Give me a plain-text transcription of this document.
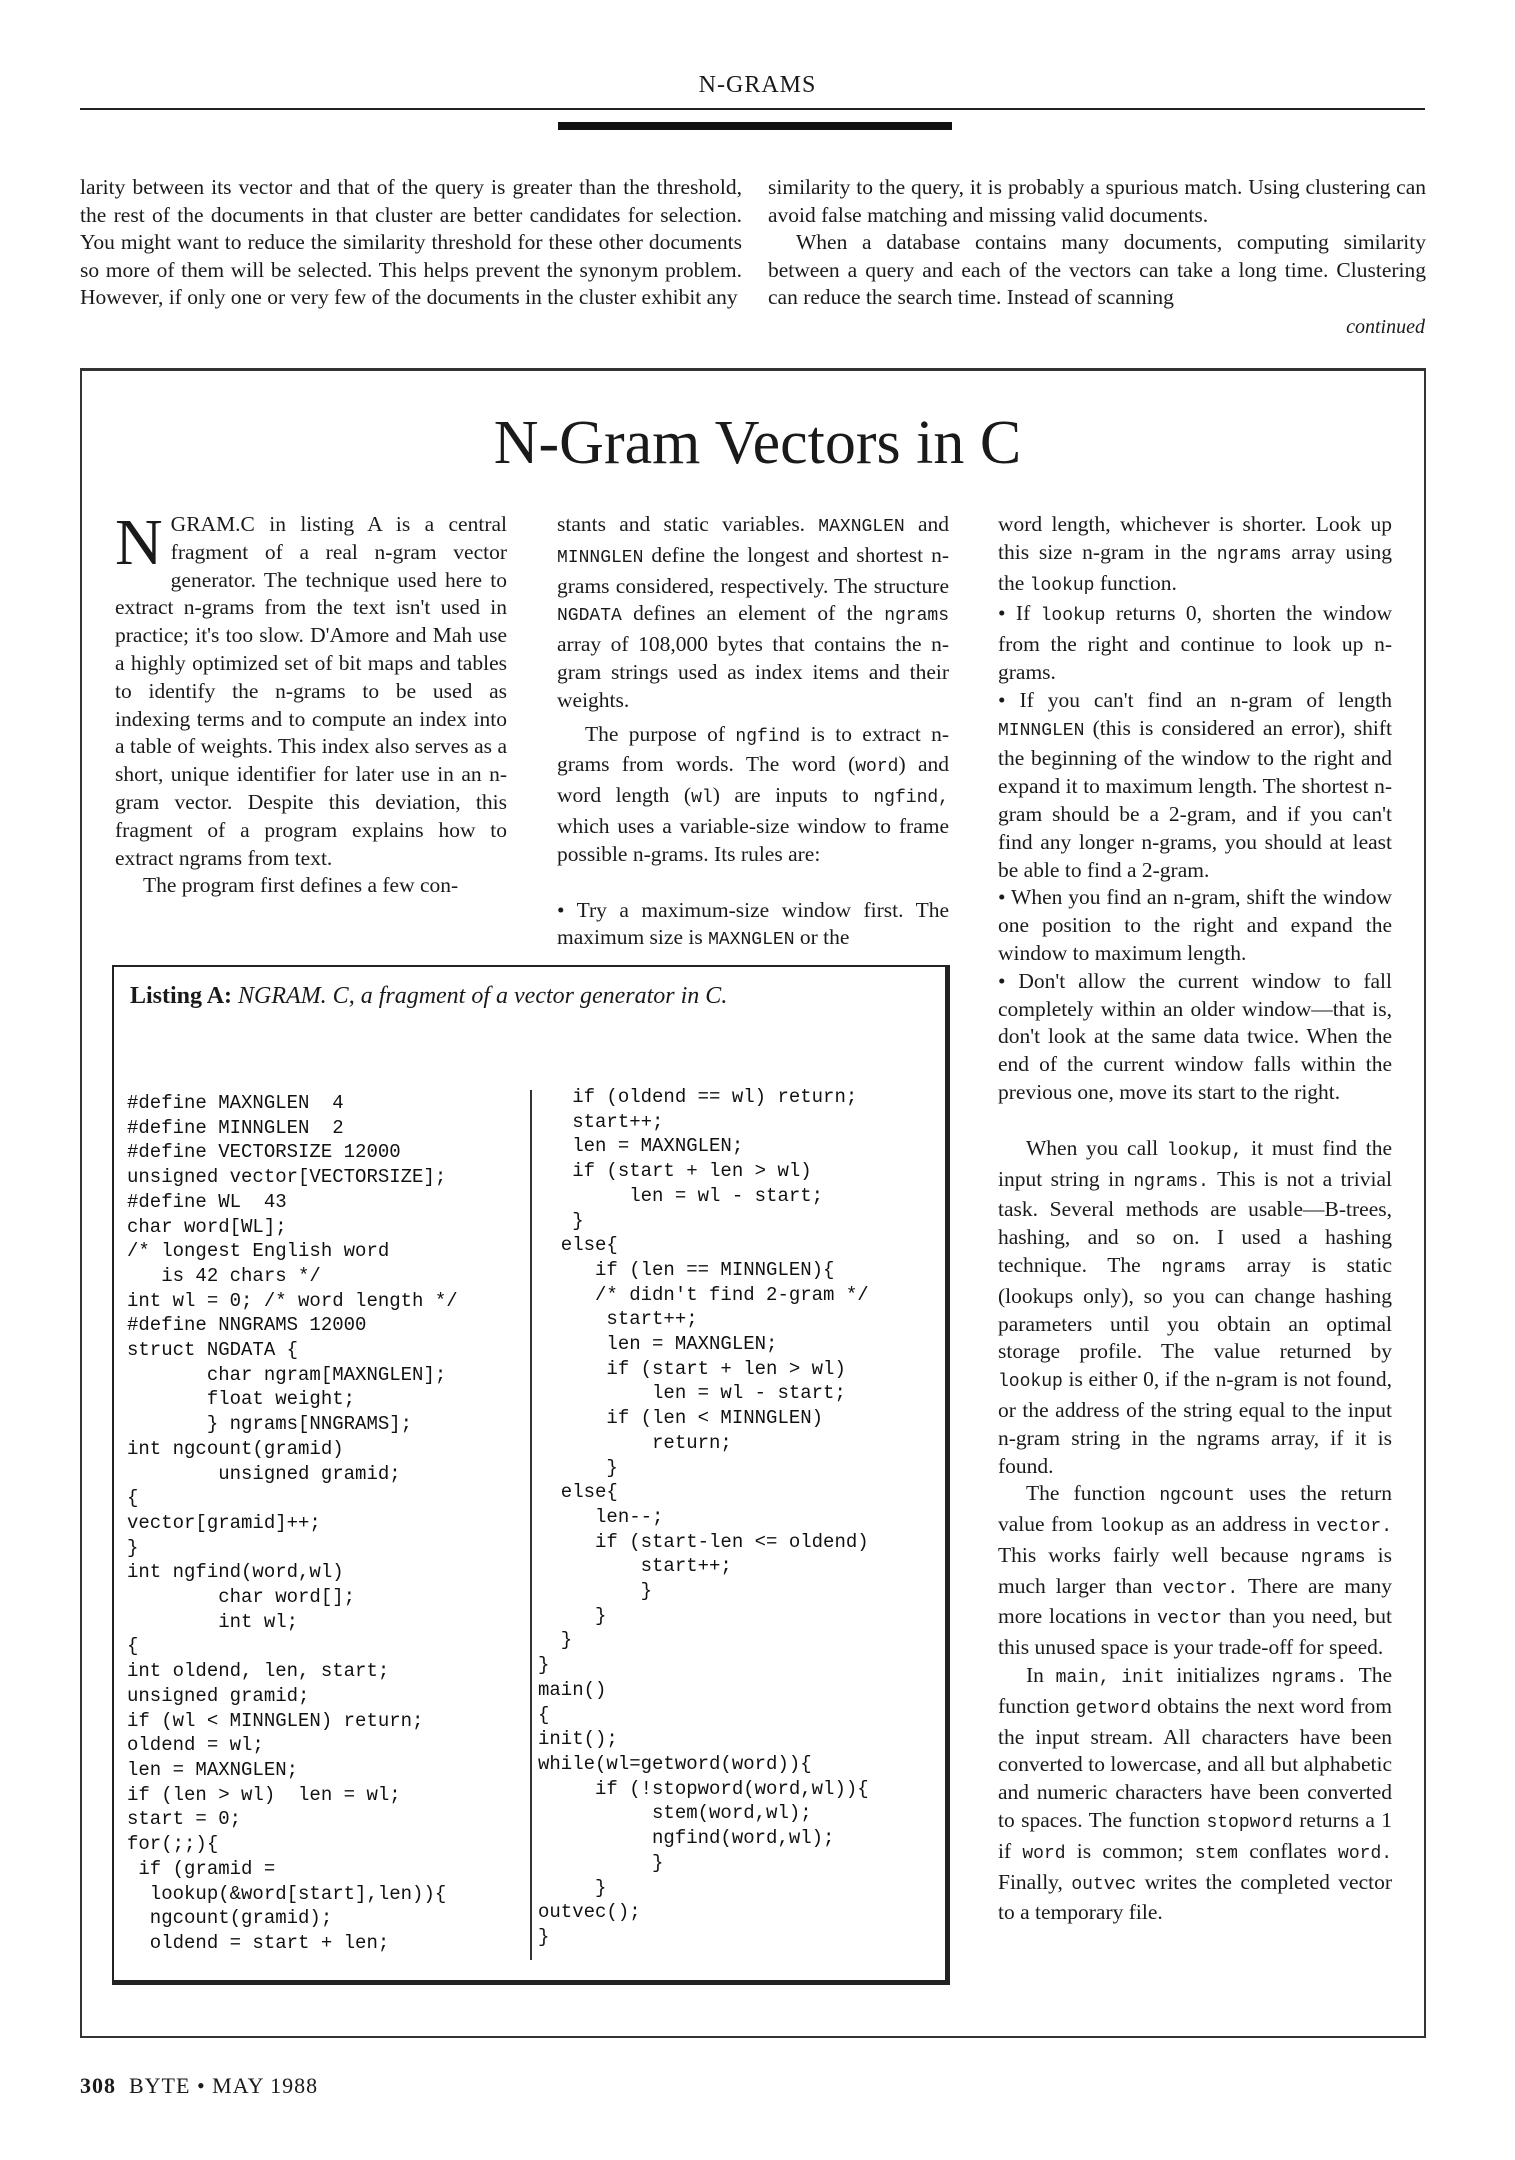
N-GRAMS

larity between its vector and that of the query is greater than the threshold, the rest of the documents in that cluster are better candidates for selection. You might want to reduce the similarity threshold for these other documents so more of them will be selected. This helps prevent the synonym problem. However, if only one or very few of the documents in the cluster exhibit any

similarity to the query, it is probably a spurious match. Using clustering can avoid false matching and missing valid documents.

When a database contains many documents, computing similarity between a query and each of the vectors can take a long time. Clustering can reduce the search time. Instead of scanning

continued
N-Gram Vectors in C

NGRAM.C in listing A is a central fragment of a real n-gram vector generator. The technique used here to extract n-grams from the text isn't used in practice; it's too slow. D'Amore and Mah use a highly optimized set of bit maps and tables to identify the n-grams to be used as indexing terms and to compute an index into a table of weights. This index also serves as a short, unique identifier for later use in an n-gram vector. Despite this deviation, this fragment of a program explains how to extract ngrams from text.

The program first defines a few con-

stants and static variables. MAXNGLEN and MINNGLEN define the longest and shortest n-grams considered, respectively. The structure NGDATA defines an element of the ngrams array of 108,000 bytes that contains the n-gram strings used as index items and their weights.

The purpose of ngfind is to extract n-grams from words. The word (word) and word length (wl) are inputs to ngfind, which uses a variable-size window to frame possible n-grams. Its rules are:

• Try a maximum-size window first. The maximum size is MAXNGLEN or the

word length, whichever is shorter. Look up this size n-gram in the ngrams array using the lookup function.

• If lookup returns 0, shorten the window from the right and continue to look up n-grams.

• If you can't find an n-gram of length MINNGLEN (this is considered an error), shift the beginning of the window to the right and expand it to maximum length. The shortest n-gram should be a 2-gram, and if you can't find any longer n-grams, you should at least be able to find a 2-gram.

• When you find an n-gram, shift the window one position to the right and expand the window to maximum length.

• Don't allow the current window to fall completely within an older window—that is, don't look at the same data twice. When the end of the current window falls within the previous one, move its start to the right.

When you call lookup, it must find the input string in ngrams. This is not a trivial task. Several methods are usable—B-trees, hashing, and so on. I used a hashing technique. The ngrams array is static (lookups only), so you can change hashing parameters until you obtain an optimal storage profile. The value returned by lookup is either 0, if the n-gram is not found, or the address of the string equal to the input n-gram string in the ngrams array, if it is found.

The function ngcount uses the return value from lookup as an address in vector. This works fairly well because ngrams is much larger than vector. There are many more locations in vector than you need, but this unused space is your trade-off for speed.

In main, init initializes ngrams. The function getword obtains the next word from the input stream. All characters have been converted to lowercase, and all but alphabetic and numeric characters have been converted to spaces. The function stopword returns a 1 if word is common; stem conflates word. Finally, outvec writes the completed vector to a temporary file.

Listing A: NGRAM. C, a fragment of a vector generator in C.
#define MAXNGLEN  4
#define MINNGLEN  2
#define VECTORSIZE 12000
unsigned vector[VECTORSIZE];
#define WL  43
char word[WL];
/* longest English word
is 42 chars */
int wl = 0; /* word length */
#define NNGRAMS 12000
struct NGDATA {
char ngram[MAXNGLEN];
float weight;
} ngrams[NNGRAMS];
int ngcount(gramid)
unsigned gramid;
{
vector[gramid]++;
}
int ngfind(word,wl)
char word[];
int wl;
{
int oldend, len, start;
unsigned gramid;
if (wl < MINNGLEN) return;
oldend = wl;
len = MAXNGLEN;
if (len > wl)  len = wl;
start = 0;
for(;;){
if (gramid =
lookup(&word[start],len)){
ngcount(gramid);
oldend = start + len;
if (oldend == wl) return;
start++;
len = MAXNGLEN;
if (start + len > wl)
len = wl - start;
}
else{
if (len == MINNGLEN){
/* didn't find 2-gram */
start++;
len = MAXNGLEN;
if (start + len > wl)
len = wl - start;
if (len < MINNGLEN)
return;
}
else{
len--;
if (start-len <= oldend)
start++;
}
}
}
}
main()
{
init();
while(wl=getword(word)){
if (!stopword(word,wl)){
stem(word,wl);
ngfind(word,wl);
}
}
outvec();
}
308 BYTE • MAY 1988
